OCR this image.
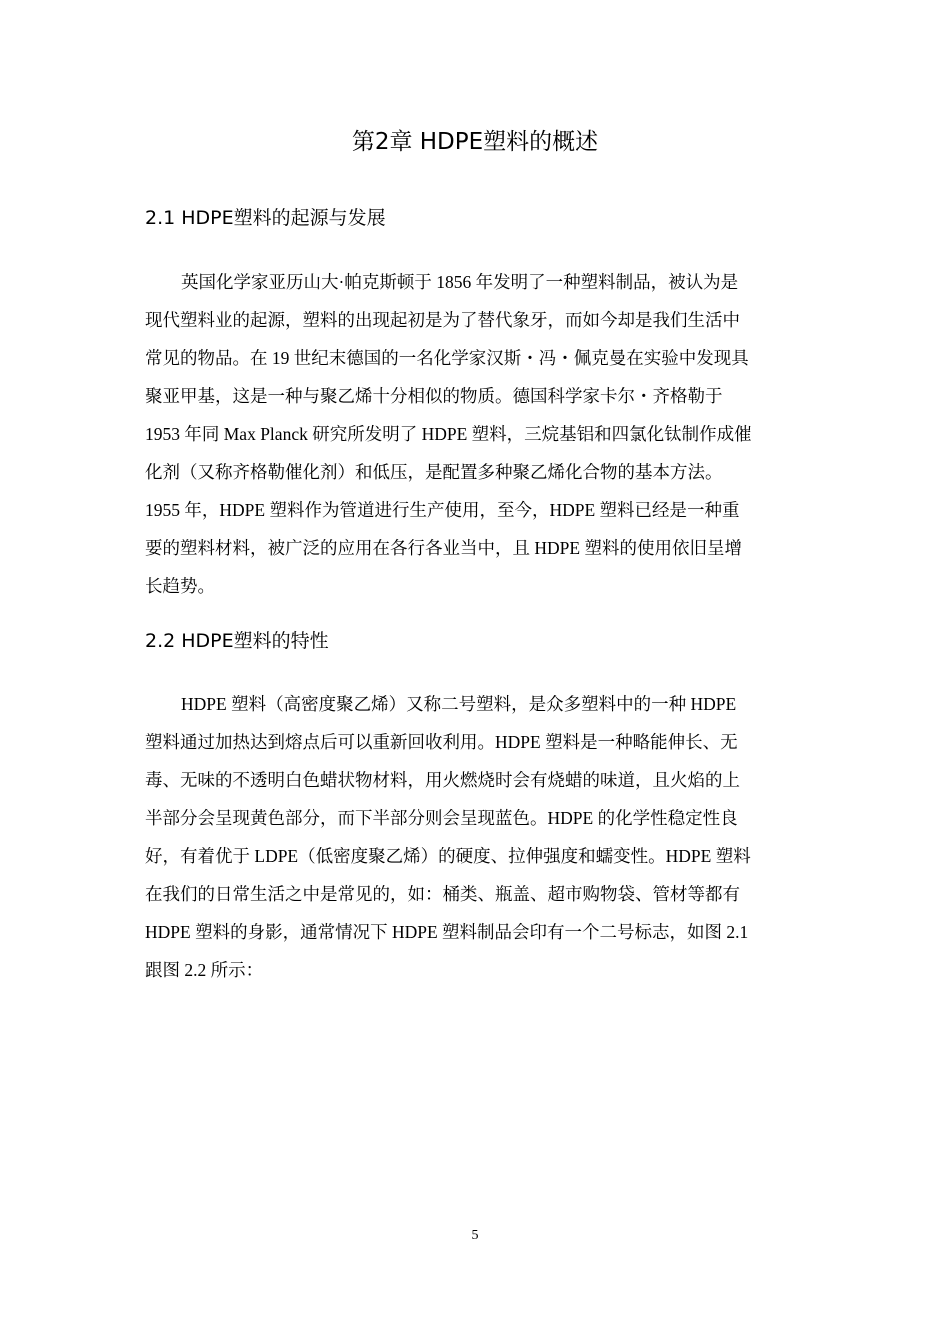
第2章 HDPE塑料的概述
2.1 HDPE塑料的起源与发展

英国化学家亚历山大·帕克斯顿于 1856 年发明了一种塑料制品，被认为是
现代塑料业的起源，塑料的出现起初是为了替代象牙，而如今却是我们生活中
常见的物品。在 19 世纪末德国的一名化学家汉斯・冯・佩克曼在实验中发现具
聚亚甲基，这是一种与聚乙烯十分相似的物质。德国科学家卡尔・齐格勒于
1953 年同 Max Planck 研究所发明了 HDPE 塑料，三烷基铝和四氯化钛制作成催
化剂（又称齐格勒催化剂）和低压，是配置多种聚乙烯化合物的基本方法。
1955 年，HDPE 塑料作为管道进行生产使用，至今，HDPE 塑料已经是一种重
要的塑料材料，被广泛的应用在各行各业当中，且 HDPE 塑料的使用依旧呈增
长趋势。

2.2 HDPE塑料的特性

HDPE 塑料（高密度聚乙烯）又称二号塑料，是众多塑料中的一种 HDPE
塑料通过加热达到熔点后可以重新回收利用。HDPE 塑料是一种略能伸长、无
毒、无味的不透明白色蜡状物材料，用火燃烧时会有烧蜡的味道，且火焰的上
半部分会呈现黄色部分，而下半部分则会呈现蓝色。HDPE 的化学性稳定性良
好，有着优于 LDPE（低密度聚乙烯）的硬度、拉伸强度和蠕变性。HDPE 塑料
在我们的日常生活之中是常见的，如：桶类、瓶盖、超市购物袋、管材等都有
HDPE 塑料的身影，通常情况下 HDPE 塑料制品会印有一个二号标志，如图 2.1
跟图 2.2 所示：

5
